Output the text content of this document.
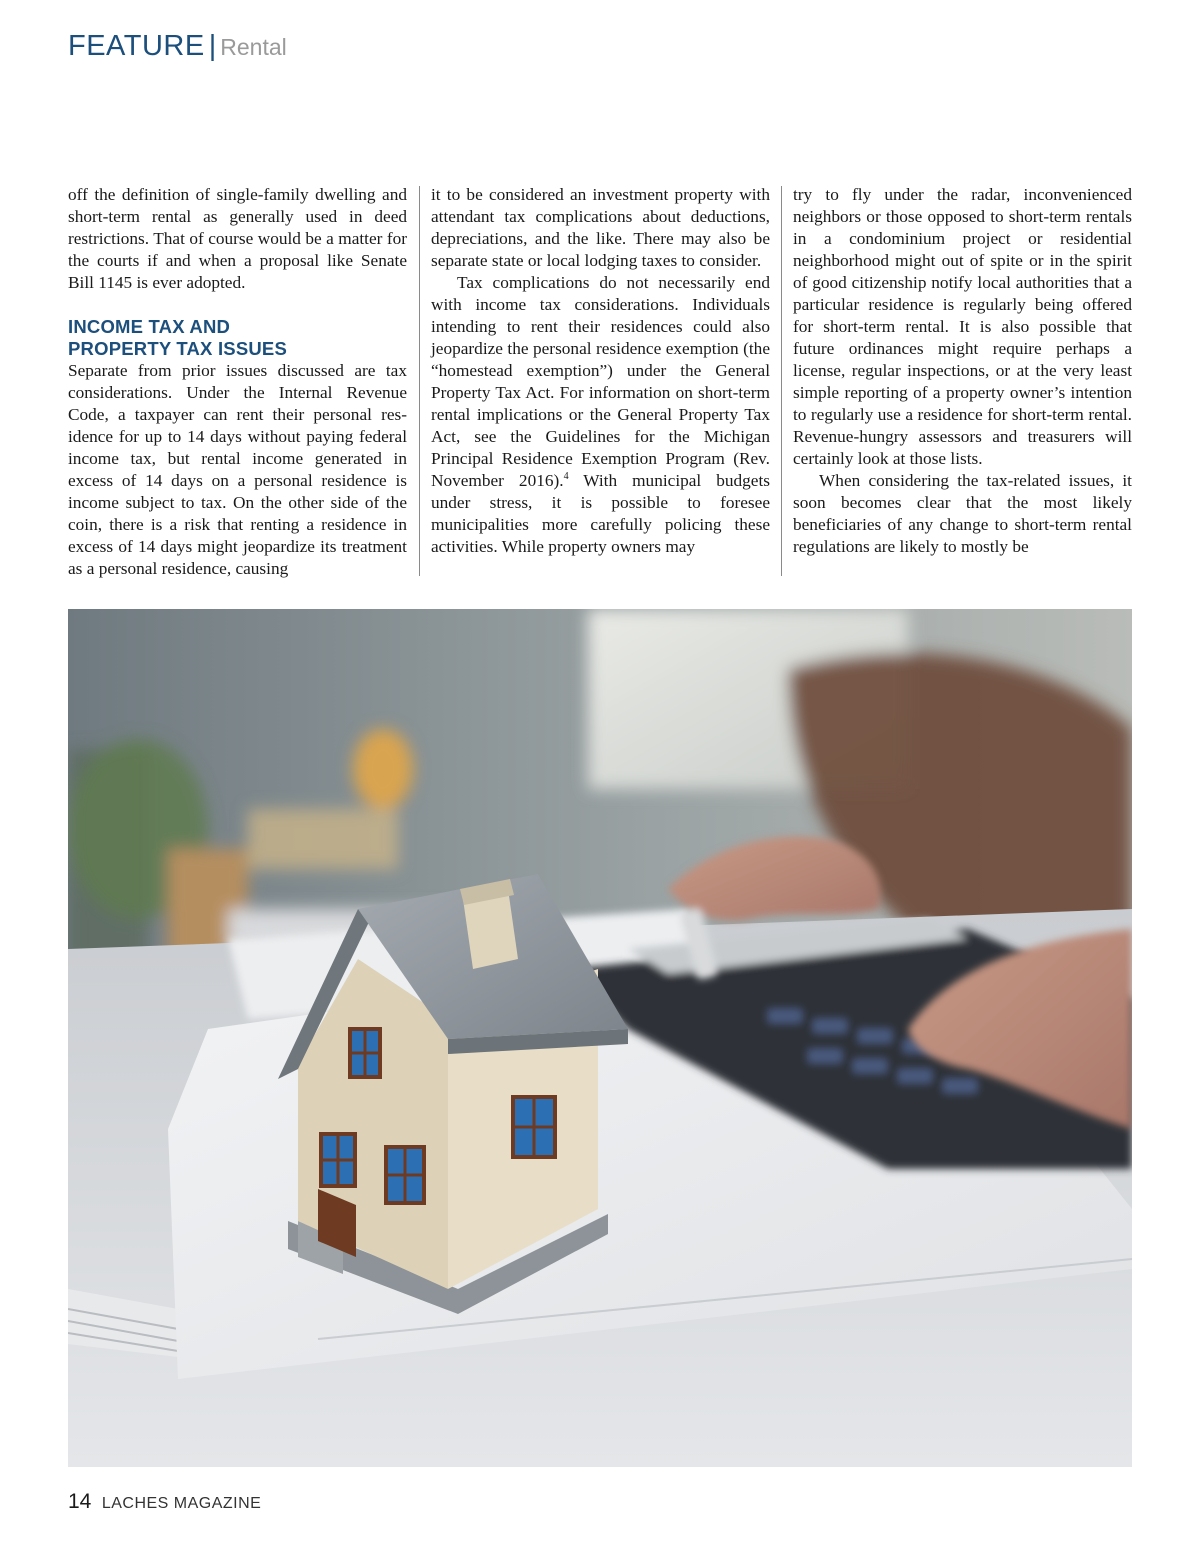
FEATURE | Rental

off the definition of single-family dwelling and short-term rental as generally used in deed restrictions. That of course would be a matter for the courts if and when a proposal like Senate Bill 1145 is ever adopted.

INCOME TAX AND
PROPERTY TAX ISSUES

Separate from prior issues discussed are tax considerations. Under the Internal Revenue Code, a taxpayer can rent their personal residence for up to 14 days without paying federal income tax, but rental income generated in excess of 14 days on a personal residence is income subject to tax. On the other side of the coin, there is a risk that renting a residence in excess of 14 days might jeopardize its treatment as a personal residence, causing

it to be considered an investment property with attendant tax complications about deductions, depreciations, and the like. There may also be separate state or local lodging taxes to consider.

Tax complications do not necessarily end with income tax considerations. Individuals intending to rent their residences could also jeopardize the personal residence exemption (the “homestead exemption”) under the General Property Tax Act. For information on short-term rental implications or the General Property Tax Act, see the Guidelines for the Michigan Principal Residence Exemption Program (Rev. November 2016).$^4$ With municipal budgets under stress, it is possible to foresee municipalities more carefully policing these activities. While property owners may

try to fly under the radar, inconvenienced neighbors or those opposed to short-term rentals in a condominium project or residential neighborhood might out of spite or in the spirit of good citizenship notify local authorities that a particular residence is regularly being offered for short-term rental. It is also possible that future ordinances might require perhaps a license, regular inspections, or at the very least simple reporting of a property owner’s intention to regularly use a residence for short-term rental. Revenue-hungry assessors and treasurers will certainly look at those lists.

When considering the tax-related issues, it soon becomes clear that the most likely beneficiaries of any change to short-term rental regulations are likely to mostly be

14 LACHES MAGAZINE
